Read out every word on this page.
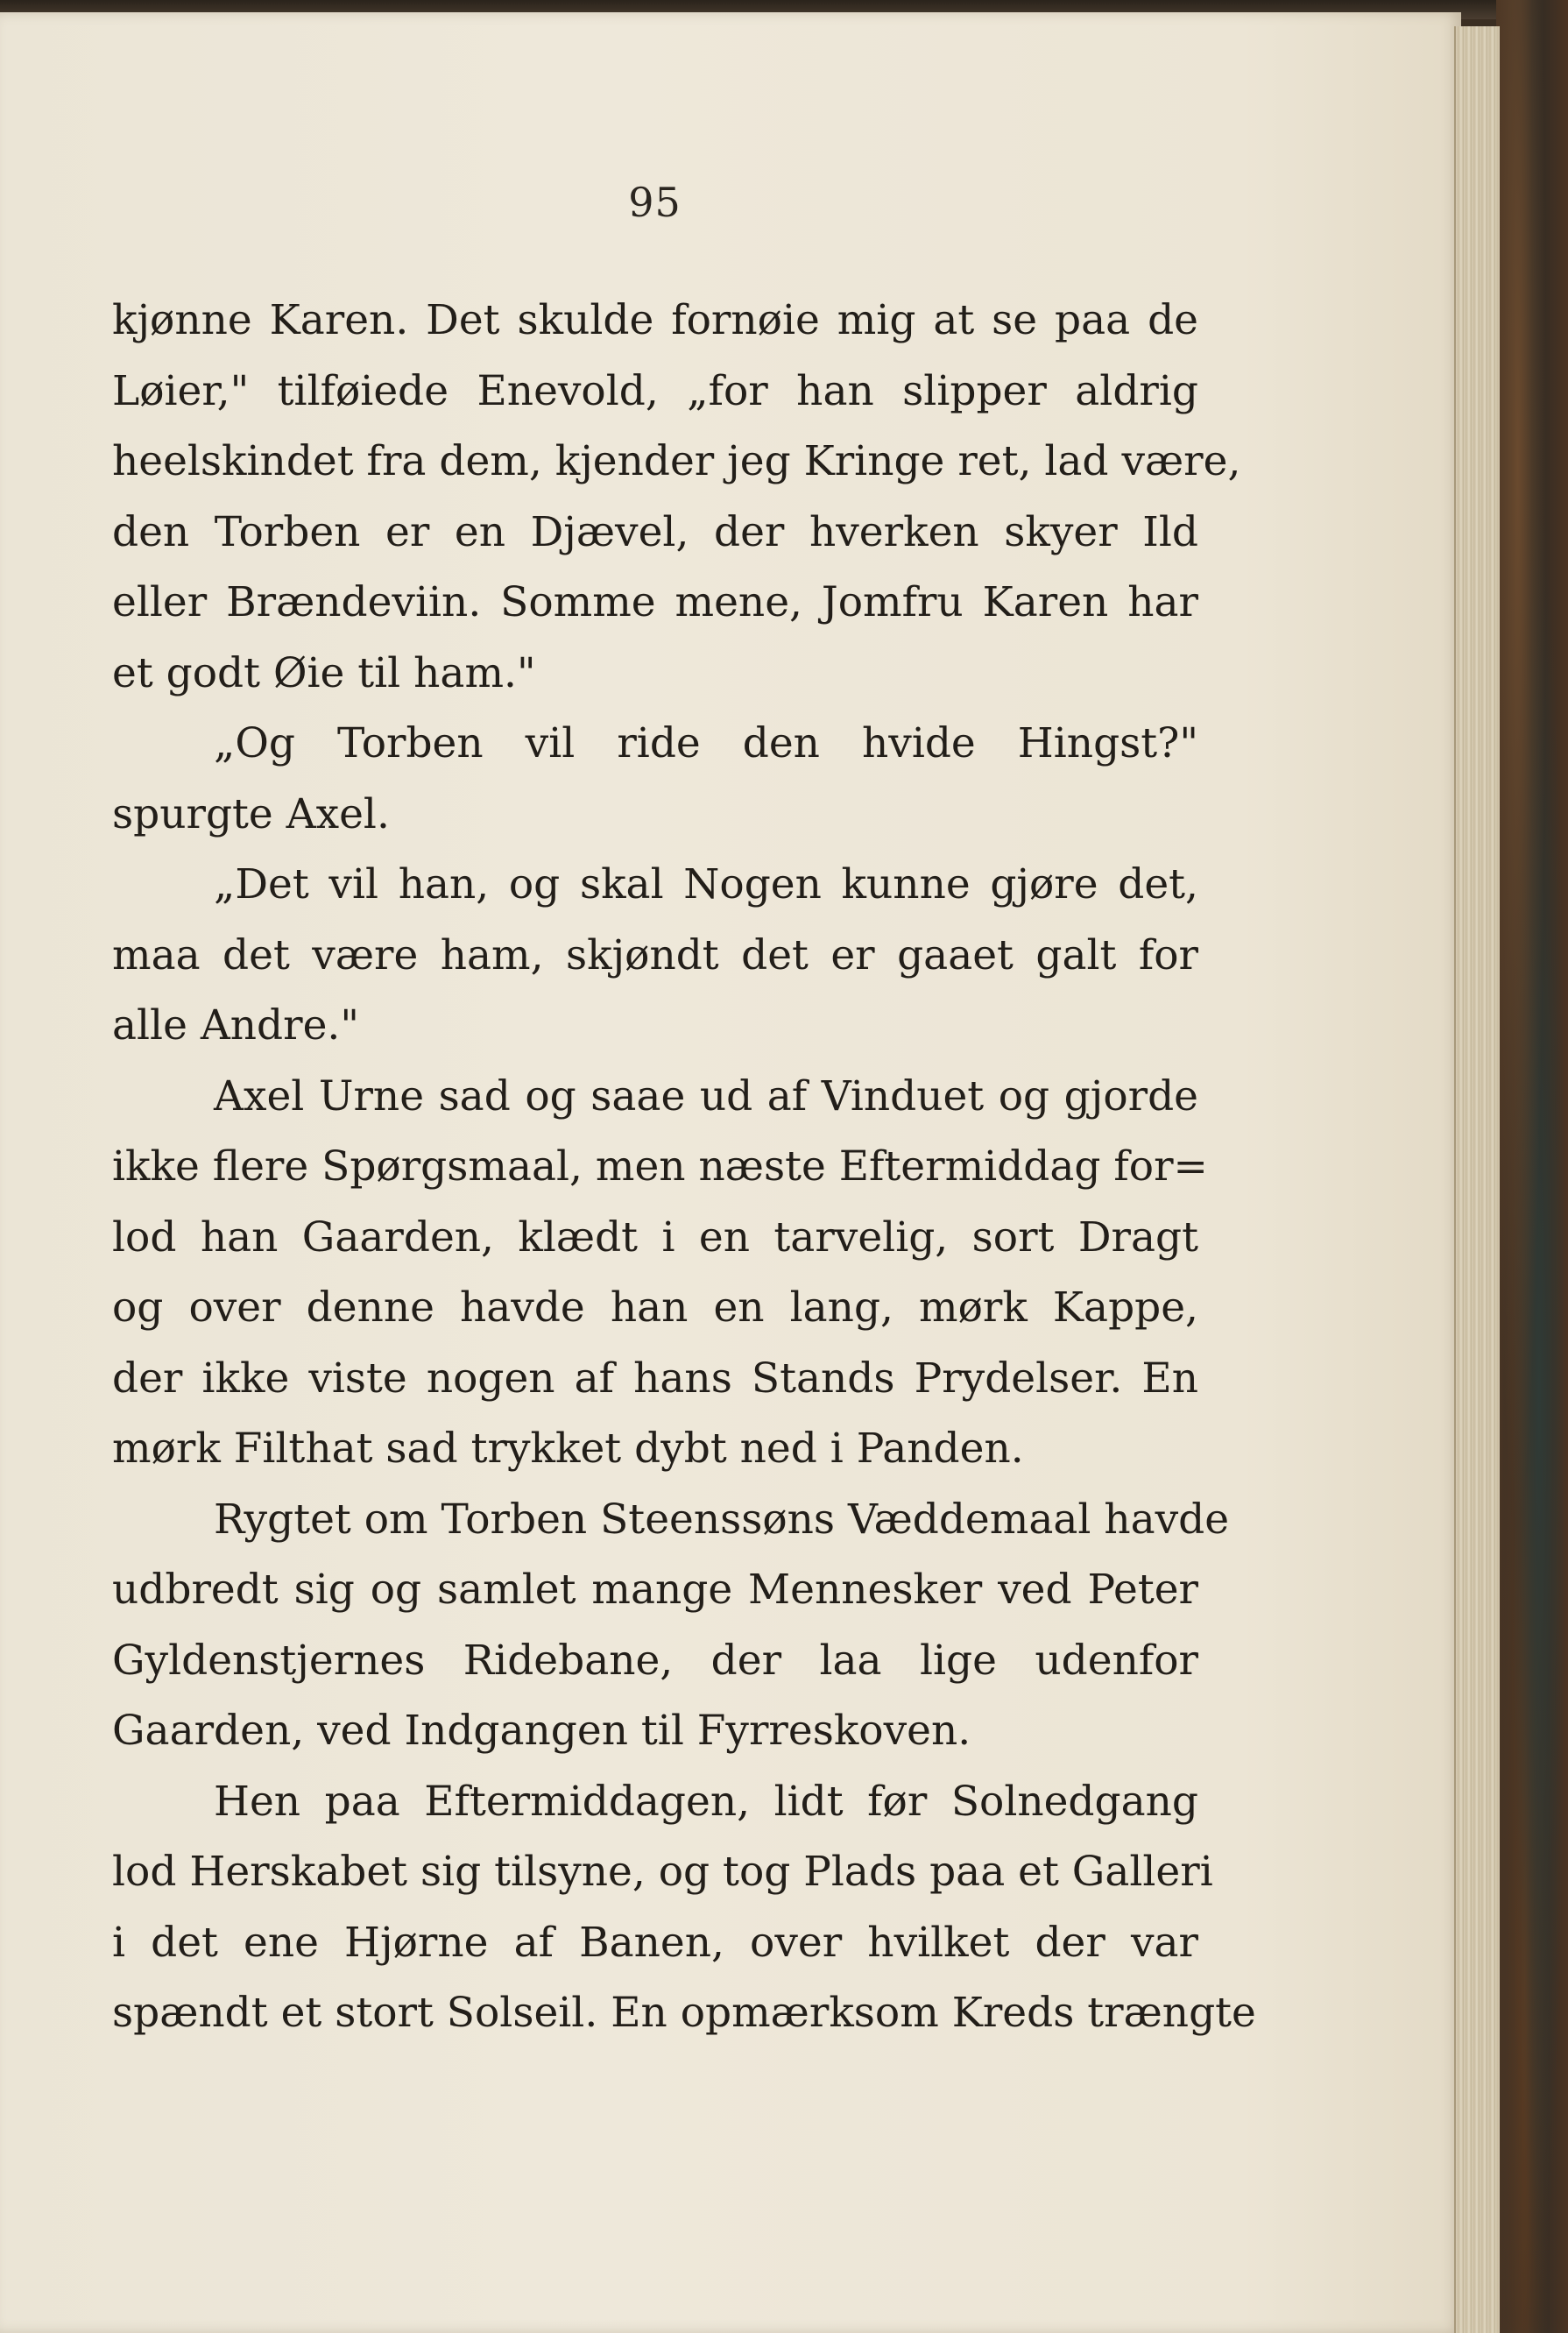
95
kjønne Karen. Det skulde fornøie mig at se paa de
Løier," tilføiede Enevold, „for han slipper aldrig
heelskindet fra dem, kjender jeg Kringe ret, lad være,
den Torben er en Djævel, der hverken skyer Ild
eller Brændeviin. Somme mene, Jomfru Karen har
et godt Øie til ham."
„Og Torben vil ride den hvide Hingst?"
spurgte Axel.
„Det vil han, og skal Nogen kunne gjøre det,
maa det være ham, skjøndt det er gaaet galt for
alle Andre."
Axel Urne sad og saae ud af Vinduet og gjorde
ikke flere Spørgsmaal, men næste Eftermiddag for=
lod han Gaarden, klædt i en tarvelig, sort Dragt
og over denne havde han en lang, mørk Kappe,
der ikke viste nogen af hans Stands Prydelser. En
mørk Filthat sad trykket dybt ned i Panden.
Rygtet om Torben Steenssøns Væddemaal havde
udbredt sig og samlet mange Mennesker ved Peter
Gyldenstjernes Ridebane, der laa lige udenfor
Gaarden, ved Indgangen til Fyrreskoven.
Hen paa Eftermiddagen, lidt før Solnedgang
lod Herskabet sig tilsyne, og tog Plads paa et Galleri
i det ene Hjørne af Banen, over hvilket der var
spændt et stort Solseil. En opmærksom Kreds trængte
